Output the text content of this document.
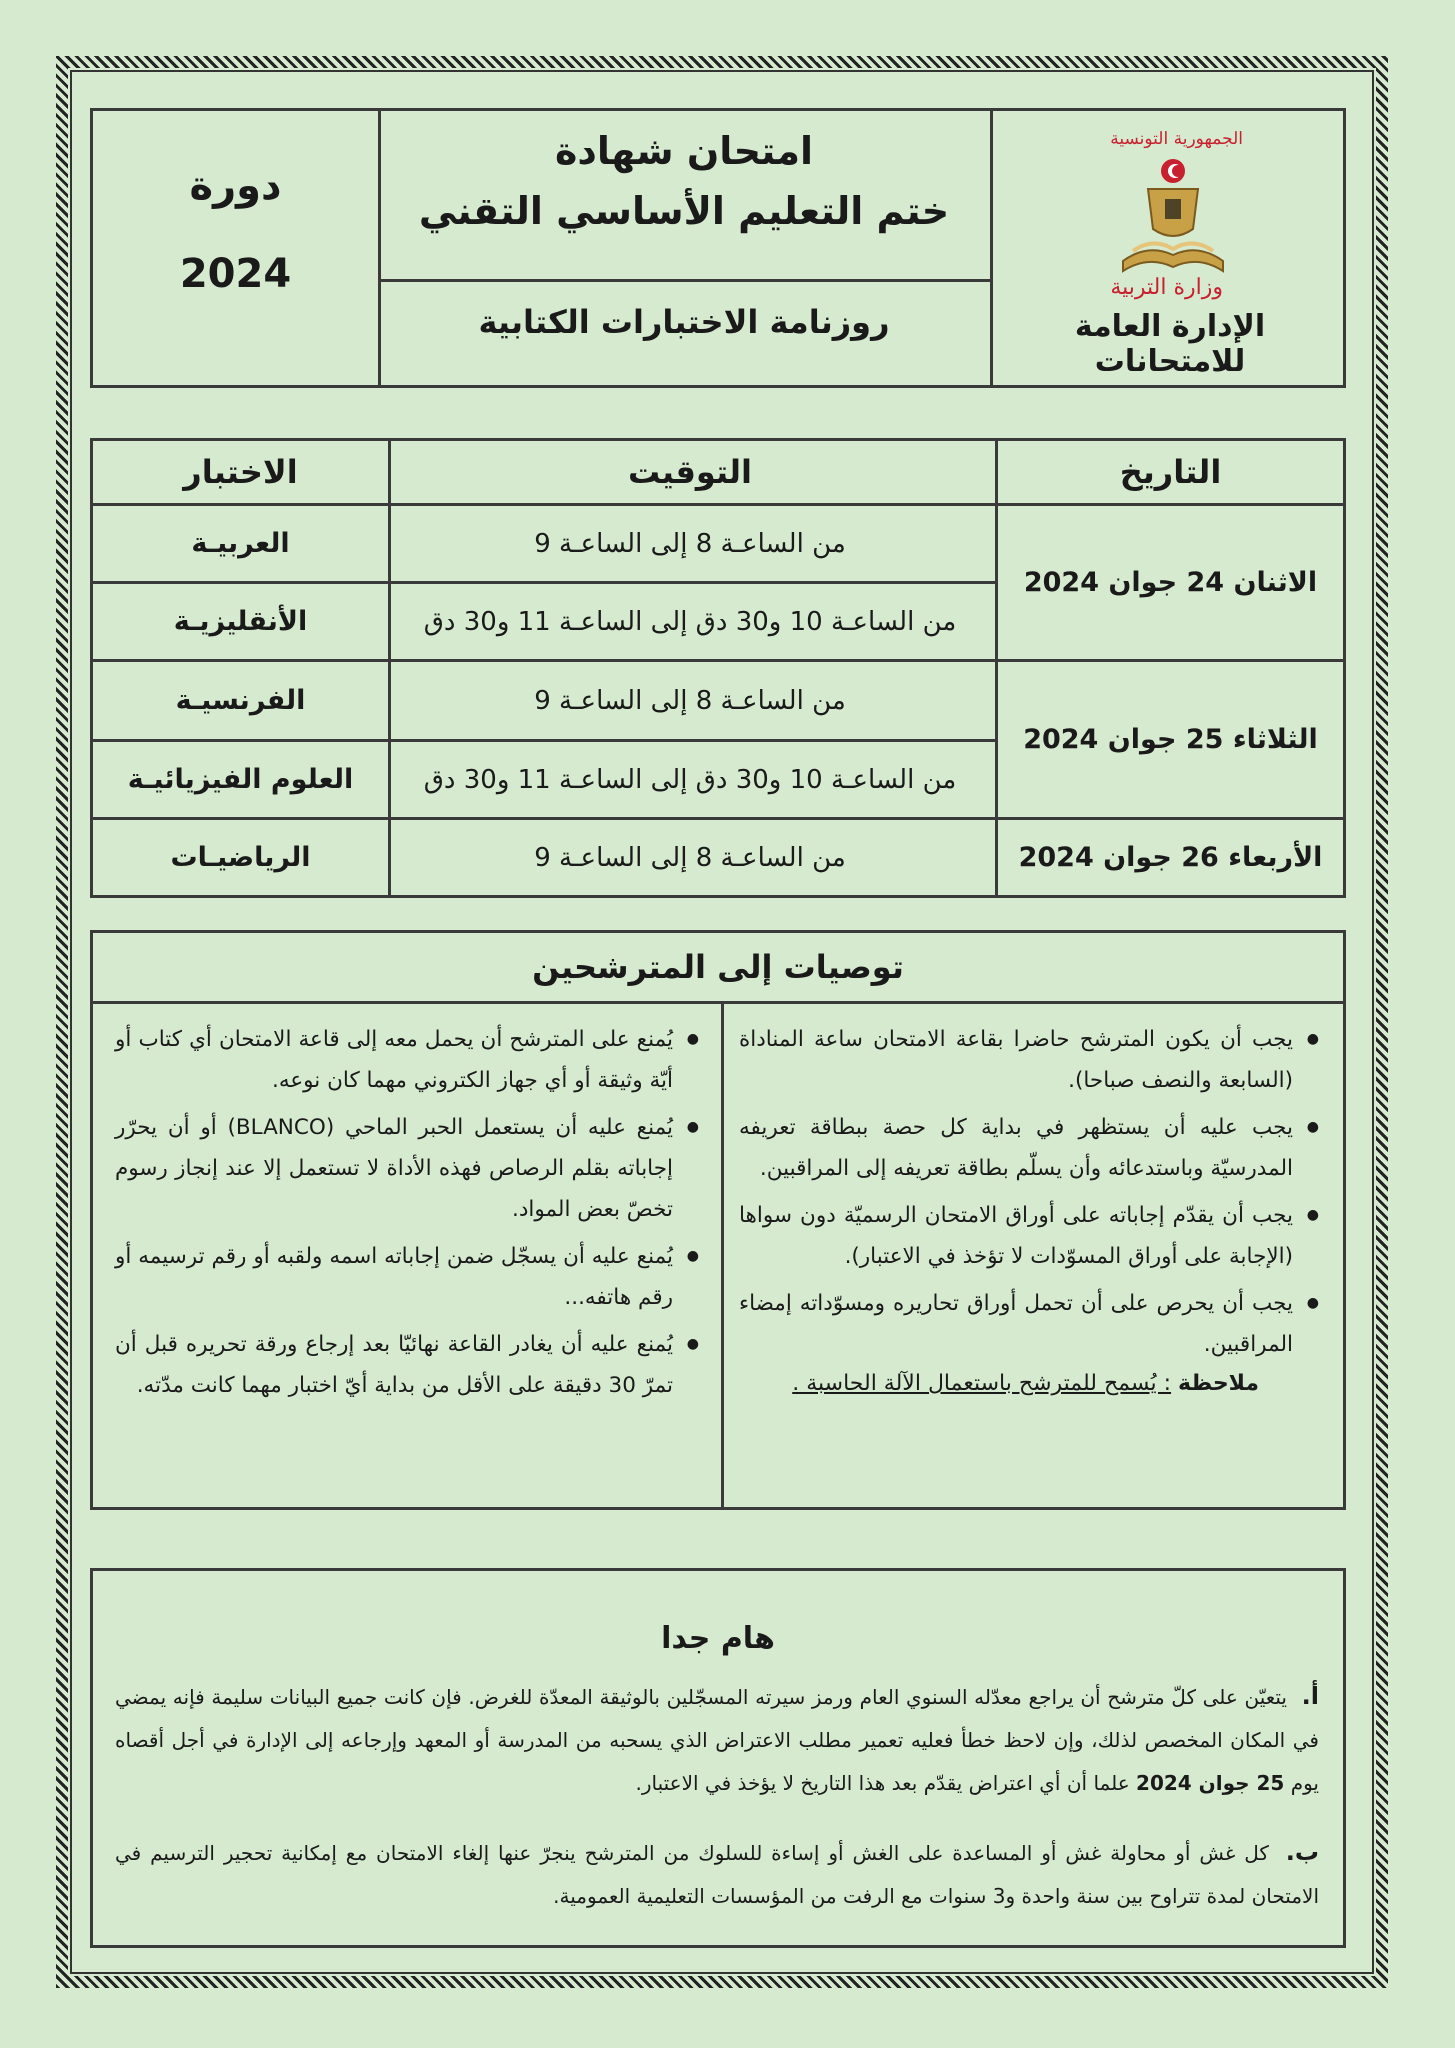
الجمهورية التونسية
وزارة التربية
الإدارة العامة للامتحانات
امتحان شهادة
ختم التعليم الأساسي التقني
روزنامة الاختبارات الكتابية
دورة
2024
التاريخ
التوقيت
الاختبار
الاثنان 24 جوان 2024
من الساعـة 8 إلى الساعـة 9
العربيـة
من الساعـة 10 و30 دق إلى الساعـة 11 و30 دق
الأنقليزيـة
الثلاثاء 25 جوان 2024
من الساعـة 8 إلى الساعـة 9
الفرنسيـة
من الساعـة 10 و30 دق إلى الساعـة 11 و30 دق
العلوم الفيزيائيـة
الأربعاء 26 جوان 2024
من الساعـة 8 إلى الساعـة 9
الرياضيـات
توصيات إلى المترشحين
● يجب أن يكون المترشح حاضرا بقاعة الامتحان ساعة المناداة (السابعة والنصف صباحا).
● يجب عليه أن يستظهر في بداية كل حصة ببطاقة تعريفه المدرسيّة وباستدعائه وأن يسلّم بطاقة تعريفه إلى المراقبين.
● يجب أن يقدّم إجاباته على أوراق الامتحان الرسميّة دون سواها (الإجابة على أوراق المسوّدات لا تؤخذ في الاعتبار).
● يجب أن يحرص على أن تحمل أوراق تحاريره ومسوّداته إمضاء المراقبين.
ملاحظة : يُسمح للمترشح باستعمال الآلة الحاسبة .
● يُمنع على المترشح أن يحمل معه إلى قاعة الامتحان أي كتاب أو أيّة وثيقة أو أي جهاز الكتروني مهما كان نوعه.
● يُمنع عليه أن يستعمل الحبر الماحي (BLANCO) أو أن يحرّر إجاباته بقلم الرصاص فهذه الأداة لا تستعمل إلا عند إنجاز رسوم تخصّ بعض المواد.
● يُمنع عليه أن يسجّل ضمن إجاباته اسمه ولقبه أو رقم ترسيمه أو رقم هاتفه...
● يُمنع عليه أن يغادر القاعة نهائيّا بعد إرجاع ورقة تحريره قبل أن تمرّ 30 دقيقة على الأقل من بداية أيّ اختبار مهما كانت مدّته.
هام جدا

أ. يتعيّن على كلّ مترشح أن يراجع معدّله السنوي العام ورمز سيرته المسجّلين بالوثيقة المعدّة للغرض. فإن كانت جميع البيانات سليمة فإنه يمضي في المكان المخصص لذلك، وإن لاحظ خطأ فعليه تعمير مطلب الاعتراض الذي يسحبه من المدرسة أو المعهد وإرجاعه إلى الإدارة في أجل أقصاه يوم 25 جوان 2024 علما أن أي اعتراض يقدّم بعد هذا التاريخ لا يؤخذ في الاعتبار.

ب. كل غش أو محاولة غش أو المساعدة على الغش أو إساءة للسلوك من المترشح ينجرّ عنها إلغاء الامتحان مع إمكانية تحجير الترسيم في الامتحان لمدة تتراوح بين سنة واحدة و3 سنوات مع الرفت من المؤسسات التعليمية العمومية.
